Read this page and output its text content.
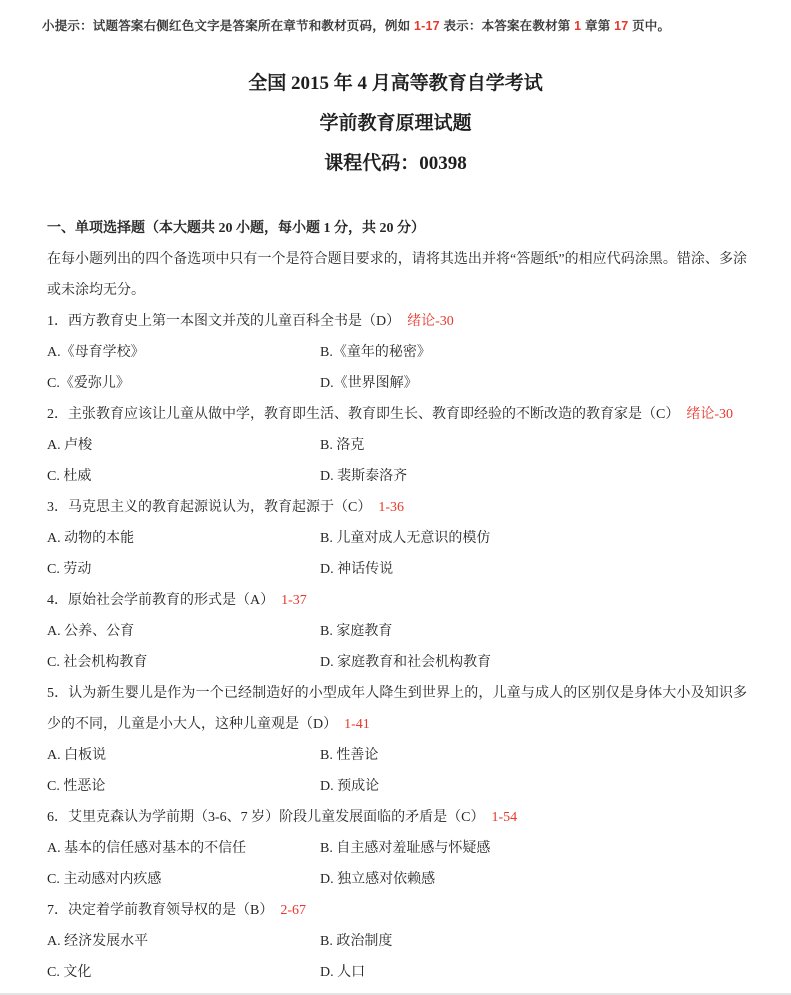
小提示：试题答案右侧红色文字是答案所在章节和教材页码，例如 1-17 表示：本答案在教材第 1 章第 17 页中。
全国 2015 年 4 月高等教育自学考试
学前教育原理试题
课程代码：00398
一、单项选择题（本大题共 20 小题，每小题 1 分，共 20 分）
在每小题列出的四个备选项中只有一个是符合题目要求的，请将其选出并将“答题纸”的相应代码涂黑。错涂、多涂或未涂均无分。
1．西方教育史上第一本图文并茂的儿童百科全书是（D） 绪论-30
A.《母育学校》	B.《童年的秘密》
C.《爱弥儿》	D.《世界图解》
2．主张教育应该让儿童从做中学，教育即生活、教育即生长、教育即经验的不断改造的教育家是（C） 绪论-30
A. 卢梭	B. 洛克
C. 杜威	D. 裴斯泰洛齐
3．马克思主义的教育起源说认为，教育起源于（C） 1-36
A. 动物的本能	B. 儿童对成人无意识的模仿
C. 劳动	D. 神话传说
4．原始社会学前教育的形式是（A） 1-37
A. 公养、公育	B. 家庭教育
C. 社会机构教育	D. 家庭教育和社会机构教育
5．认为新生婴儿是作为一个已经制造好的小型成年人降生到世界上的，儿童与成人的区别仅是身体大小及知识多少的不同，儿童是小大人，这种儿童观是（D） 1-41
A. 白板说	B. 性善论
C. 性恶论	D. 预成论
6．艾里克森认为学前期（3-6、7 岁）阶段儿童发展面临的矛盾是（C） 1-54
A. 基本的信任感对基本的不信任	B. 自主感对羞耻感与怀疑感
C. 主动感对内疚感	D. 独立感对依赖感
7．决定着学前教育领导权的是（B） 2-67
A. 经济发展水平	B. 政治制度
C. 文化	D. 人口
